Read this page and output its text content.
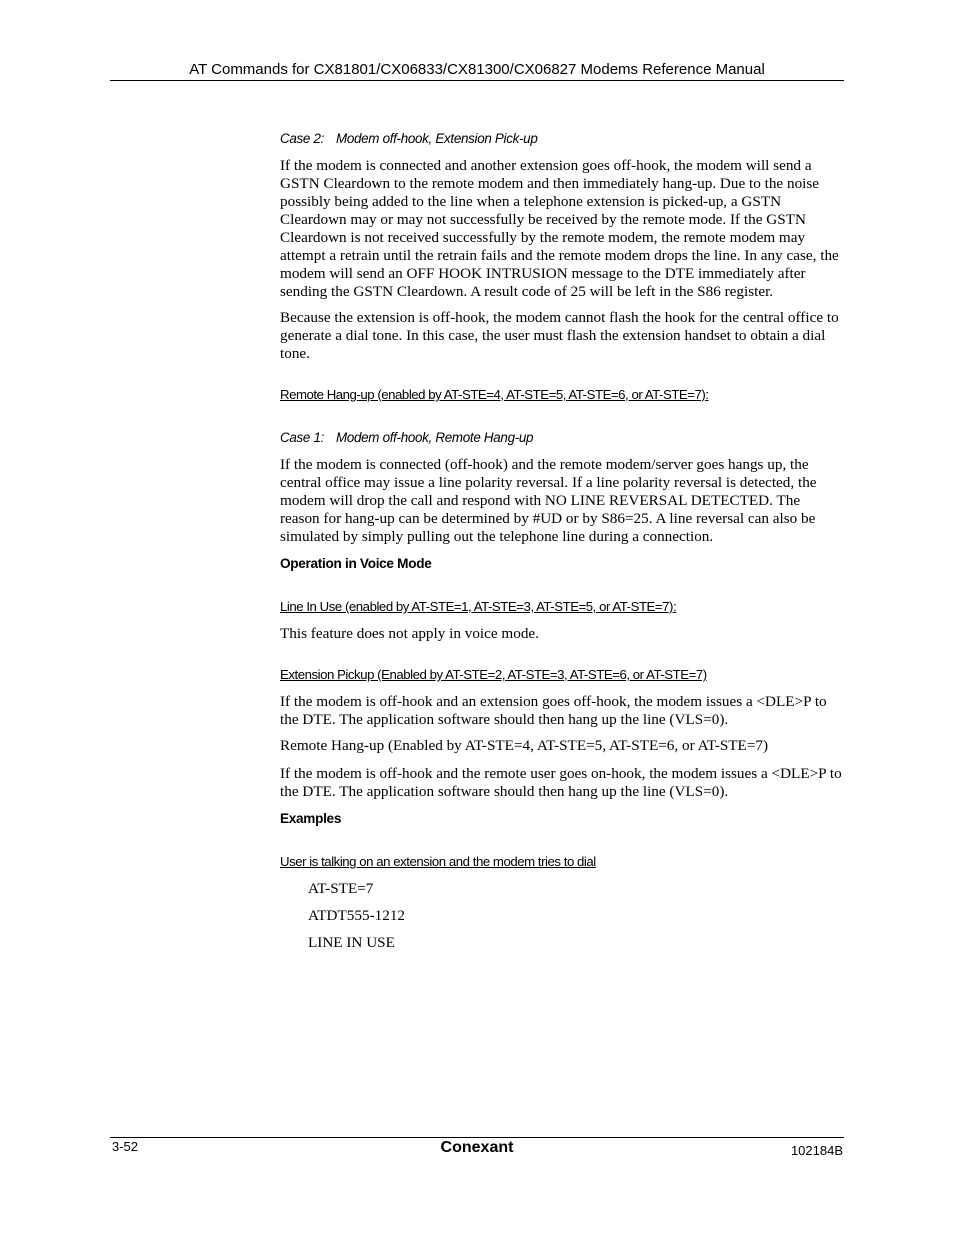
AT Commands for CX81801/CX06833/CX81300/CX06827 Modems Reference Manual
Case 2: Modem off-hook, Extension Pick-up

If the modem is connected and another extension goes off-hook, the modem will send a GSTN Cleardown to the remote modem and then immediately hang-up. Due to the noise possibly being added to the line when a telephone extension is picked-up, a GSTN Cleardown may or may not successfully be received by the remote mode. If the GSTN Cleardown is not received successfully by the remote modem, the remote modem may attempt a retrain until the retrain fails and the remote modem drops the line. In any case, the modem will send an OFF HOOK INTRUSION message to the DTE immediately after sending the GSTN Cleardown. A result code of 25 will be left in the S86 register.

Because the extension is off-hook, the modem cannot flash the hook for the central office to generate a dial tone. In this case, the user must flash the extension handset to obtain a dial tone.

Remote Hang-up (enabled by AT-STE=4, AT-STE=5, AT-STE=6, or AT-STE=7):
Case 1: Modem off-hook, Remote Hang-up

If the modem is connected (off-hook) and the remote modem/server goes hangs up, the central office may issue a line polarity reversal. If a line polarity reversal is detected, the modem will drop the call and respond with NO LINE REVERSAL DETECTED. The reason for hang-up can be determined by #UD or by S86=25. A line reversal can also be simulated by simply pulling out the telephone line during a connection.

Operation in Voice Mode
Line In Use (enabled by AT-STE=1, AT-STE=3, AT-STE=5, or AT-STE=7):

This feature does not apply in voice mode.

Extension Pickup (Enabled by AT-STE=2, AT-STE=3, AT-STE=6, or AT-STE=7)

If the modem is off-hook and an extension goes off-hook, the modem issues a <DLE>P to the DTE. The application software should then hang up the line (VLS=0).

Remote Hang-up (Enabled by AT-STE=4, AT-STE=5, AT-STE=6, or AT-STE=7)

If the modem is off-hook and the remote user goes on-hook, the modem issues a <DLE>P to the DTE. The application software should then hang up the line (VLS=0).

Examples
User is talking on an extension and the modem tries to dial
AT-STE=7
ATDT555-1212
LINE IN USE
3-52	Conexant	102184B
